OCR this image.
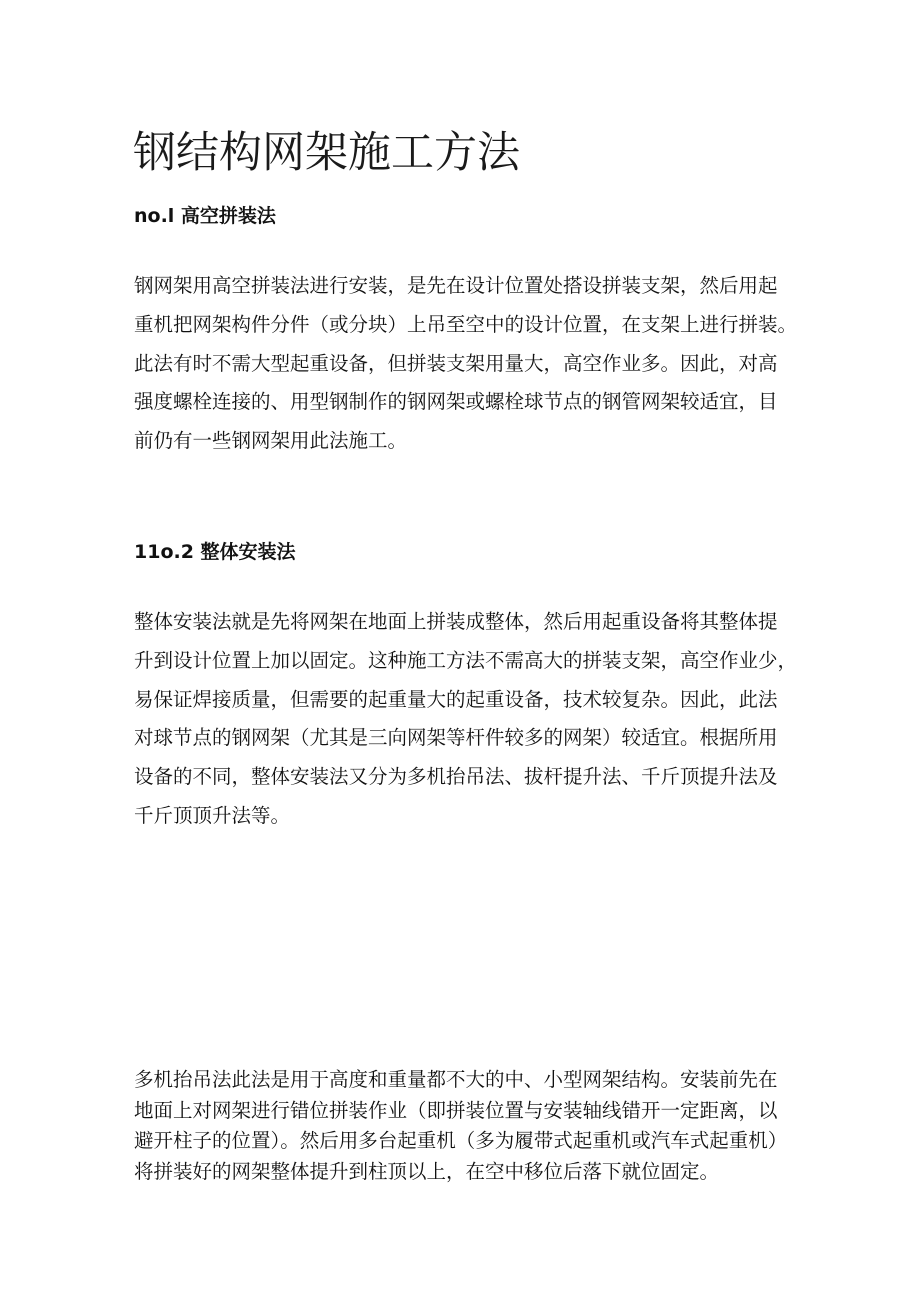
钢结构网架施工方法
no.l 高空拼装法
钢网架用高空拼装法进行安装，是先在设计位置处搭设拼装支架，然后用起
重机把网架构件分件（或分块）上吊至空中的设计位置，在支架上进行拼装。
此法有时不需大型起重设备，但拼装支架用量大，高空作业多。因此，对高
强度螺栓连接的、用型钢制作的钢网架或螺栓球节点的钢管网架较适宜，目
前仍有一些钢网架用此法施工。
11o.2 整体安装法
整体安装法就是先将网架在地面上拼装成整体，然后用起重设备将其整体提
升到设计位置上加以固定。这种施工方法不需高大的拼装支架，高空作业少，
易保证焊接质量，但需要的起重量大的起重设备，技术较复杂。因此，此法
对球节点的钢网架（尤其是三向网架等杆件较多的网架）较适宜。根据所用
设备的不同，整体安装法又分为多机抬吊法、拔杆提升法、千斤顶提升法及
千斤顶顶升法等。
多机抬吊法此法是用于高度和重量都不大的中、小型网架结构。安装前先在
地面上对网架进行错位拼装作业（即拼装位置与安装轴线错开一定距离，以
避开柱子的位置）。然后用多台起重机（多为履带式起重机或汽车式起重机）
将拼装好的网架整体提升到柱顶以上，在空中移位后落下就位固定。
